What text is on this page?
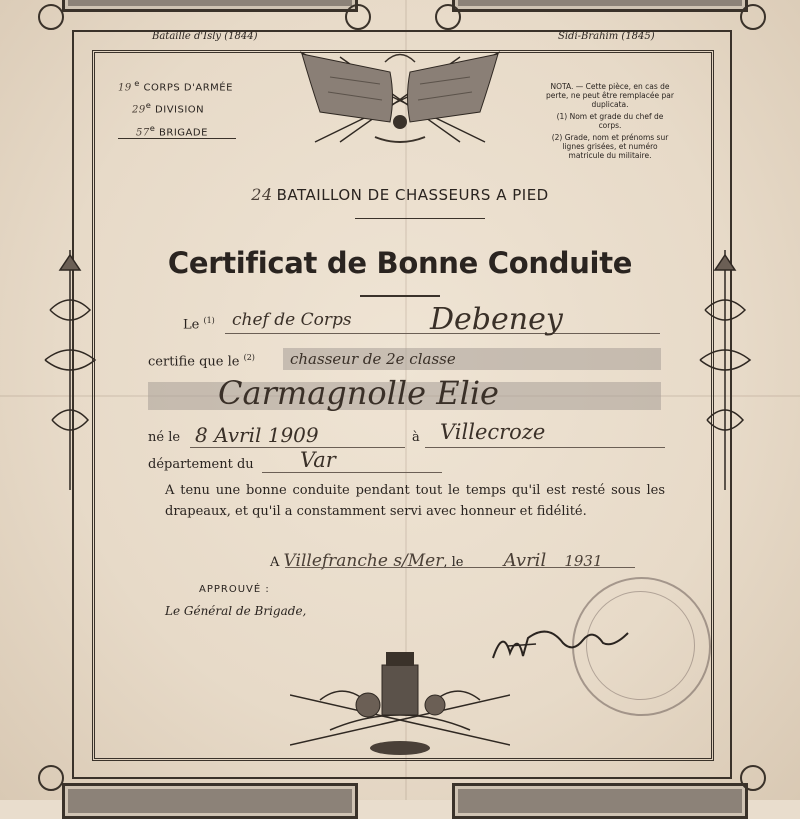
Bataille d'Isly (1844)	Sidi-Brahim (1845)
19  $^e$ CORPS D'ARMÉE
29e DIVISION
57e BRIGADE

NOTA. — Cette pièce, en cas de perte, ne peut être remplacée par duplicata.

(1) Nom et grade du chef de corps.

(2) Grade, nom et prénoms sur lignes grisées, et numéro matricule du militaire.

24 BATAILLON DE CHASSEURS A PIED
Certificat de Bonne Conduite
Le $^{(1)}$ chef de Corps	Debeney
certifie que le $^{(2)}$ chasseur de 2e classe
Carmagnolle Elie
né le 8 Avril 1909	à Villecroze
département du Var
A tenu une bonne conduite pendant tout le temps qu'il est resté sous les drapeaux, et qu'il a constamment servi avec honneur et fidélité.
A Villefranche s/Mer, le Avril 1931
APPROUVÉ :
Le Général de Brigade,
